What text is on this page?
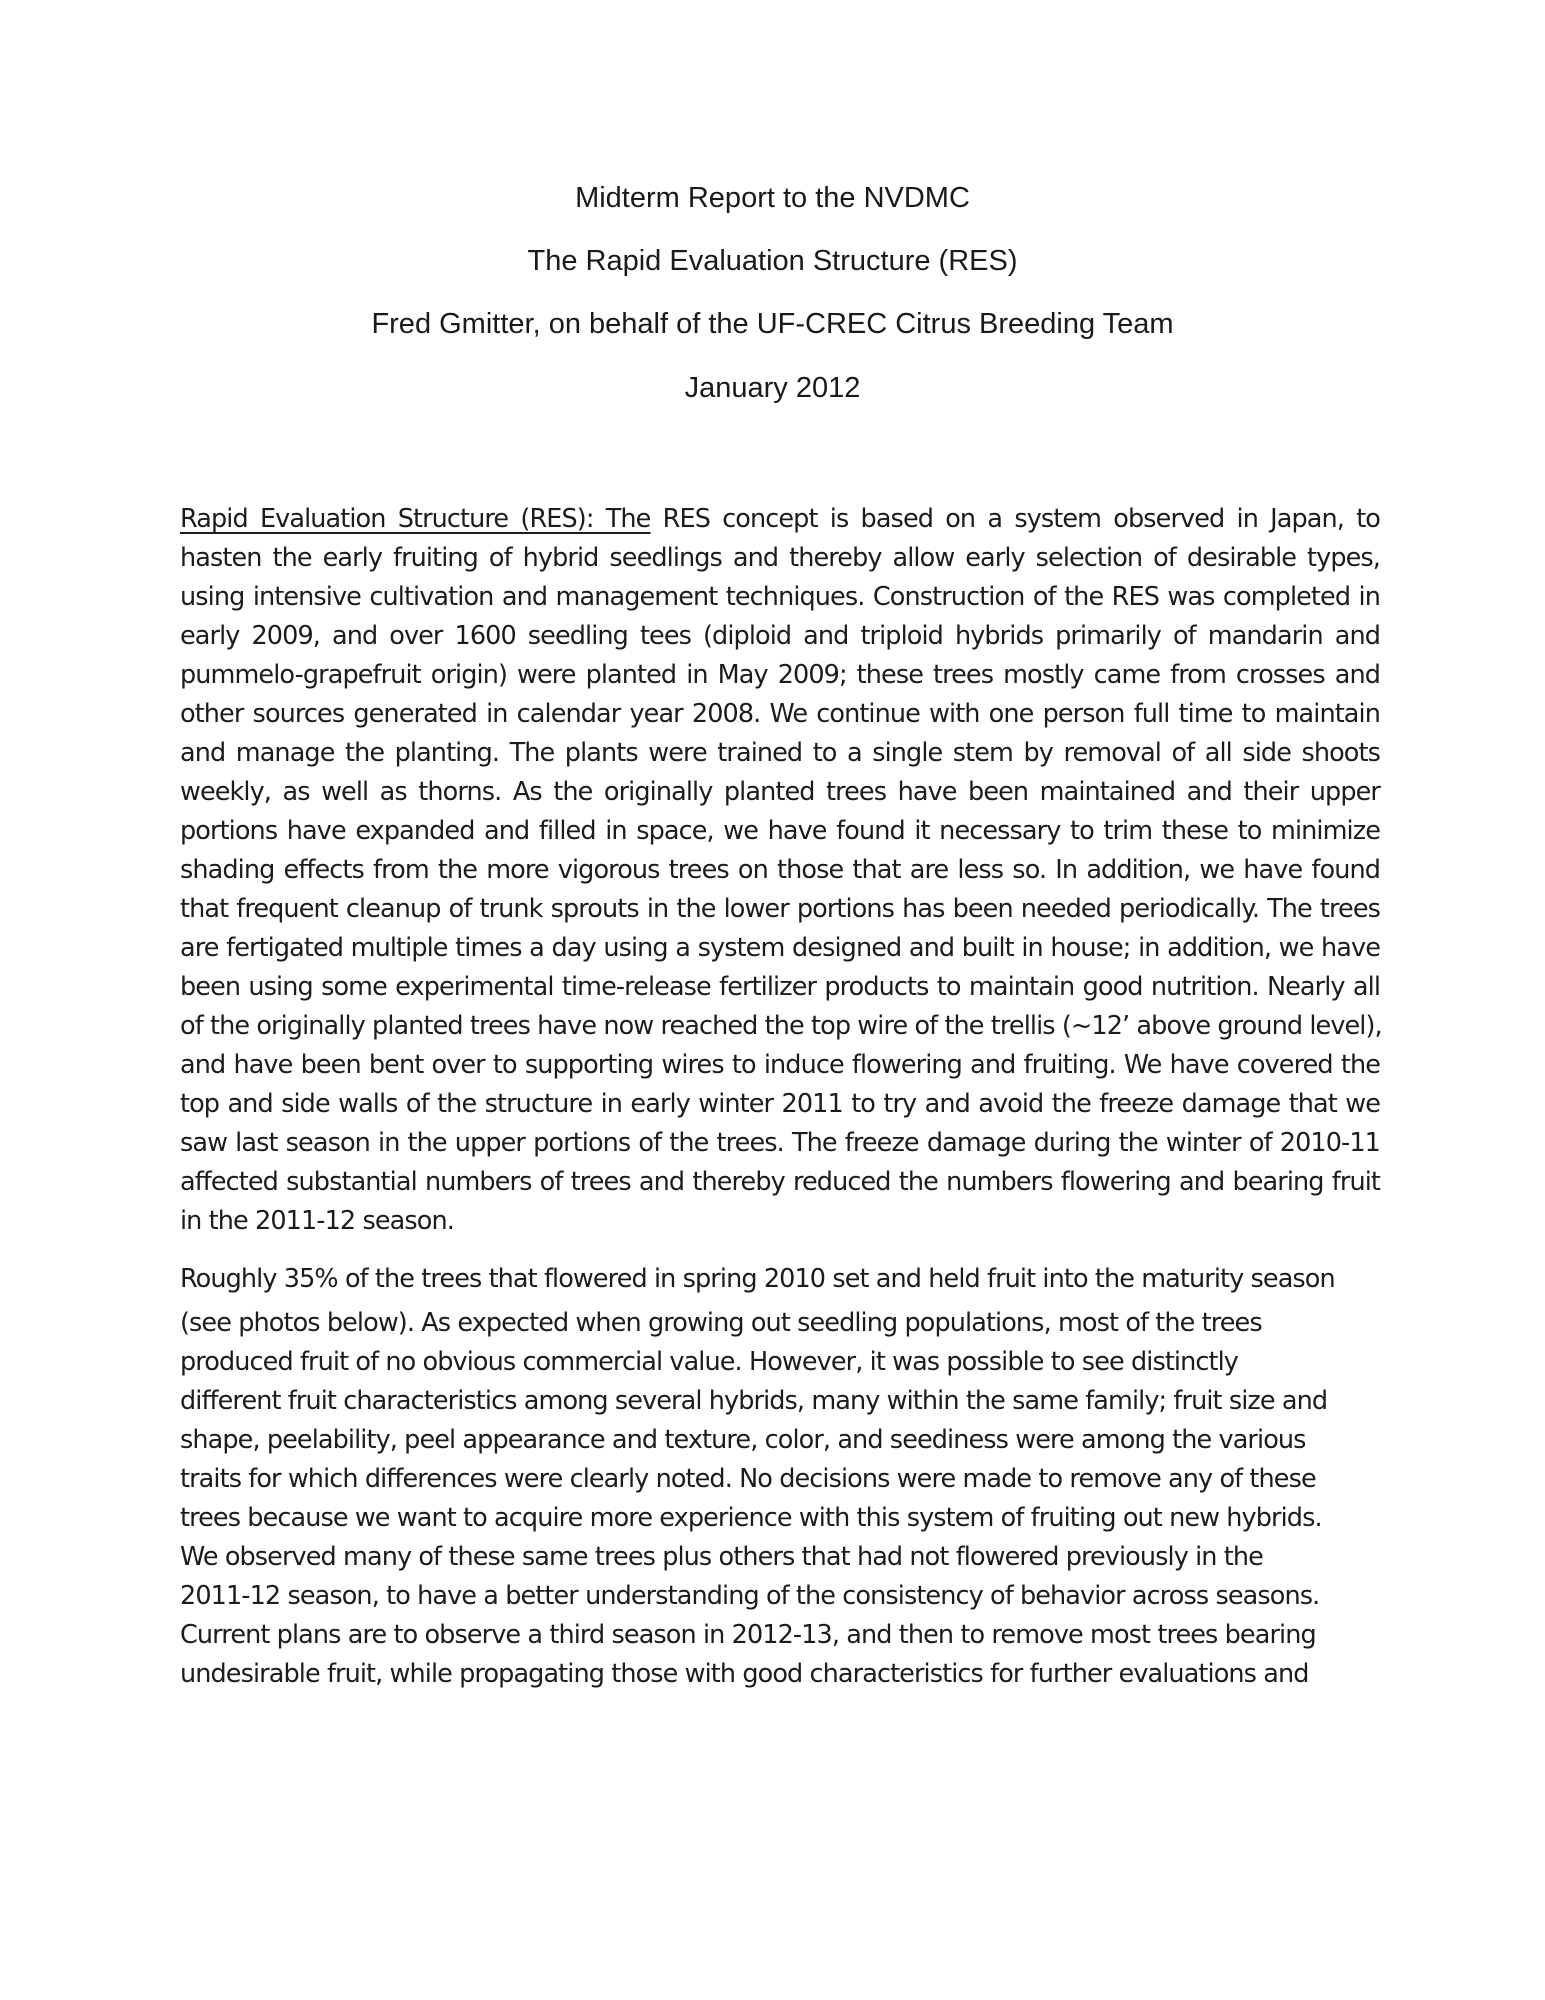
Midterm Report to the NVDMC
The Rapid Evaluation Structure (RES)
Fred Gmitter, on behalf of the UF-CREC Citrus Breeding Team
January 2012
Rapid Evaluation Structure (RES): The RES concept is based on a system observed in Japan, to
hasten the early fruiting of hybrid seedlings and thereby allow early selection of desirable types,
using intensive cultivation and management techniques. Construction of the RES was completed in
early 2009, and over 1600 seedling tees (diploid and triploid hybrids primarily of mandarin and
pummelo-grapefruit origin) were planted in May 2009; these trees mostly came from crosses and
other sources generated in calendar year 2008. We continue with one person full time to maintain
and manage the planting. The plants were trained to a single stem by removal of all side shoots
weekly, as well as thorns. As the originally planted trees have been maintained and their upper
portions have expanded and filled in space, we have found it necessary to trim these to minimize
shading effects from the more vigorous trees on those that are less so. In addition, we have found
that frequent cleanup of trunk sprouts in the lower portions has been needed periodically. The trees
are fertigated multiple times a day using a system designed and built in house; in addition, we have
been using some experimental time-release fertilizer products to maintain good nutrition. Nearly all
of the originally planted trees have now reached the top wire of the trellis (~12’ above ground level),
and have been bent over to supporting wires to induce flowering and fruiting. We have covered the
top and side walls of the structure in early winter 2011 to try and avoid the freeze damage that we
saw last season in the upper portions of the trees. The freeze damage during the winter of 2010-11
affected substantial numbers of trees and thereby reduced the numbers flowering and bearing fruit
in the 2011-12 season.
Roughly 35% of the trees that flowered in spring 2010 set and held fruit into the maturity season
(see photos below). As expected when growing out seedling populations, most of the trees
produced fruit of no obvious commercial value. However, it was possible to see distinctly
different fruit characteristics among several hybrids, many within the same family; fruit size and
shape, peelability, peel appearance and texture, color, and seediness were among the various
traits for which differences were clearly noted. No decisions were made to remove any of these
trees because we want to acquire more experience with this system of fruiting out new hybrids.
We observed many of these same trees plus others that had not flowered previously in the
2011-12 season, to have a better understanding of the consistency of behavior across seasons.
Current plans are to observe a third season in 2012-13, and then to remove most trees bearing
undesirable fruit, while propagating those with good characteristics for further evaluations and
